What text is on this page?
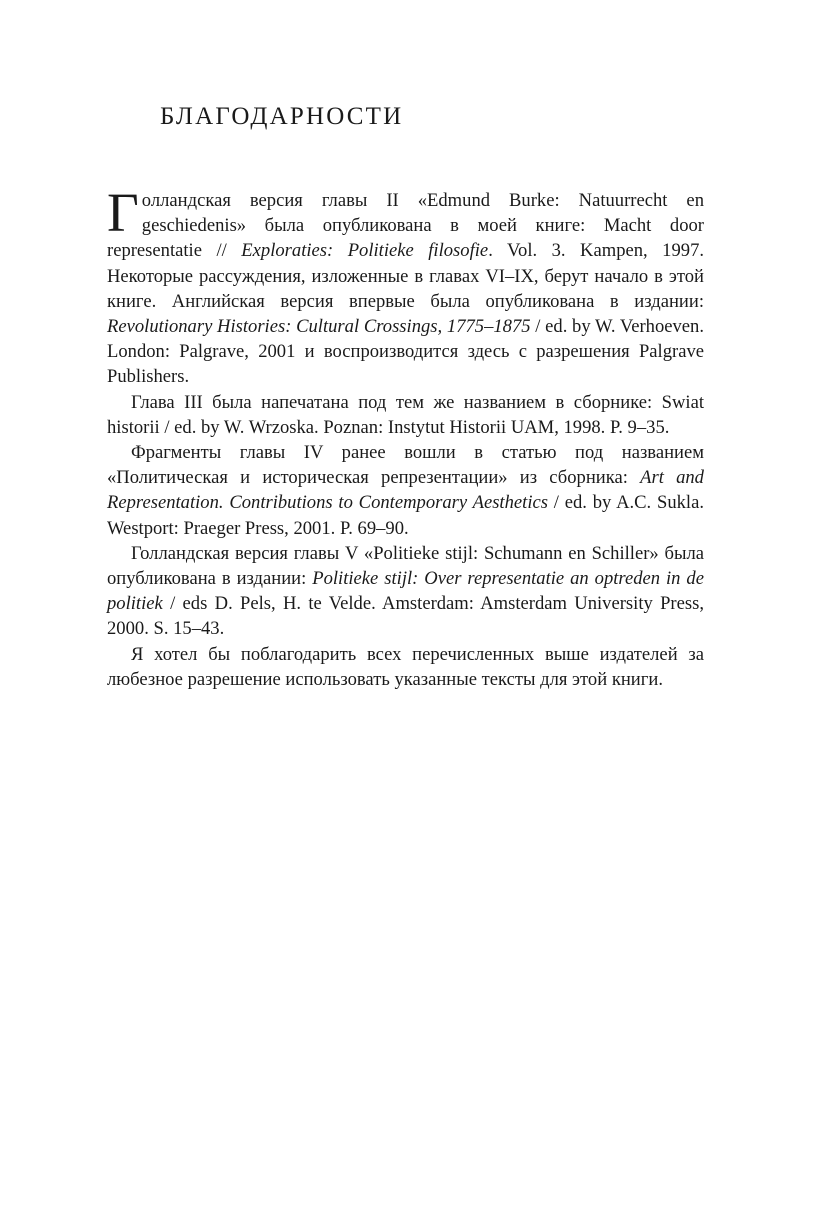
БЛАГОДАРНОСТИ

Голландская версия главы II «Edmund Burke: Natuurrecht en geschiedenis» была опубликована в моей книге: Macht door representatie // Exploraties: Politieke filosofie. Vol. 3. Kampen, 1997. Некоторые рассуждения, изложенные в главах VI–IX, берут начало в этой книге. Английская версия впервые была опубликована в издании: Revolutionary Histories: Cultural Crossings, 1775–1875 / ed. by W. Verhoeven. London: Palgrave, 2001 и воспроизводится здесь с разрешения Palgrave Publishers.

Глава III была напечатана под тем же названием в сборнике: Swiat historii / ed. by W. Wrzoska. Poznan: Instytut Historii UAM, 1998. P. 9–35.

Фрагменты главы IV ранее вошли в статью под названием «Политическая и историческая репрезентации» из сборника: Art and Representation. Contributions to Contemporary Aesthetics / ed. by A.C. Sukla. Westport: Praeger Press, 2001. P. 69–90.

Голландская версия главы V «Politieke stijl: Schumann en Schiller» была опубликована в издании: Politieke stijl: Over representatie an optreden in de politiek / eds D. Pels, H. te Velde. Amsterdam: Amsterdam University Press, 2000. S. 15–43.

Я хотел бы поблагодарить всех перечисленных выше издателей за любезное разрешение использовать указанные тексты для этой книги.
